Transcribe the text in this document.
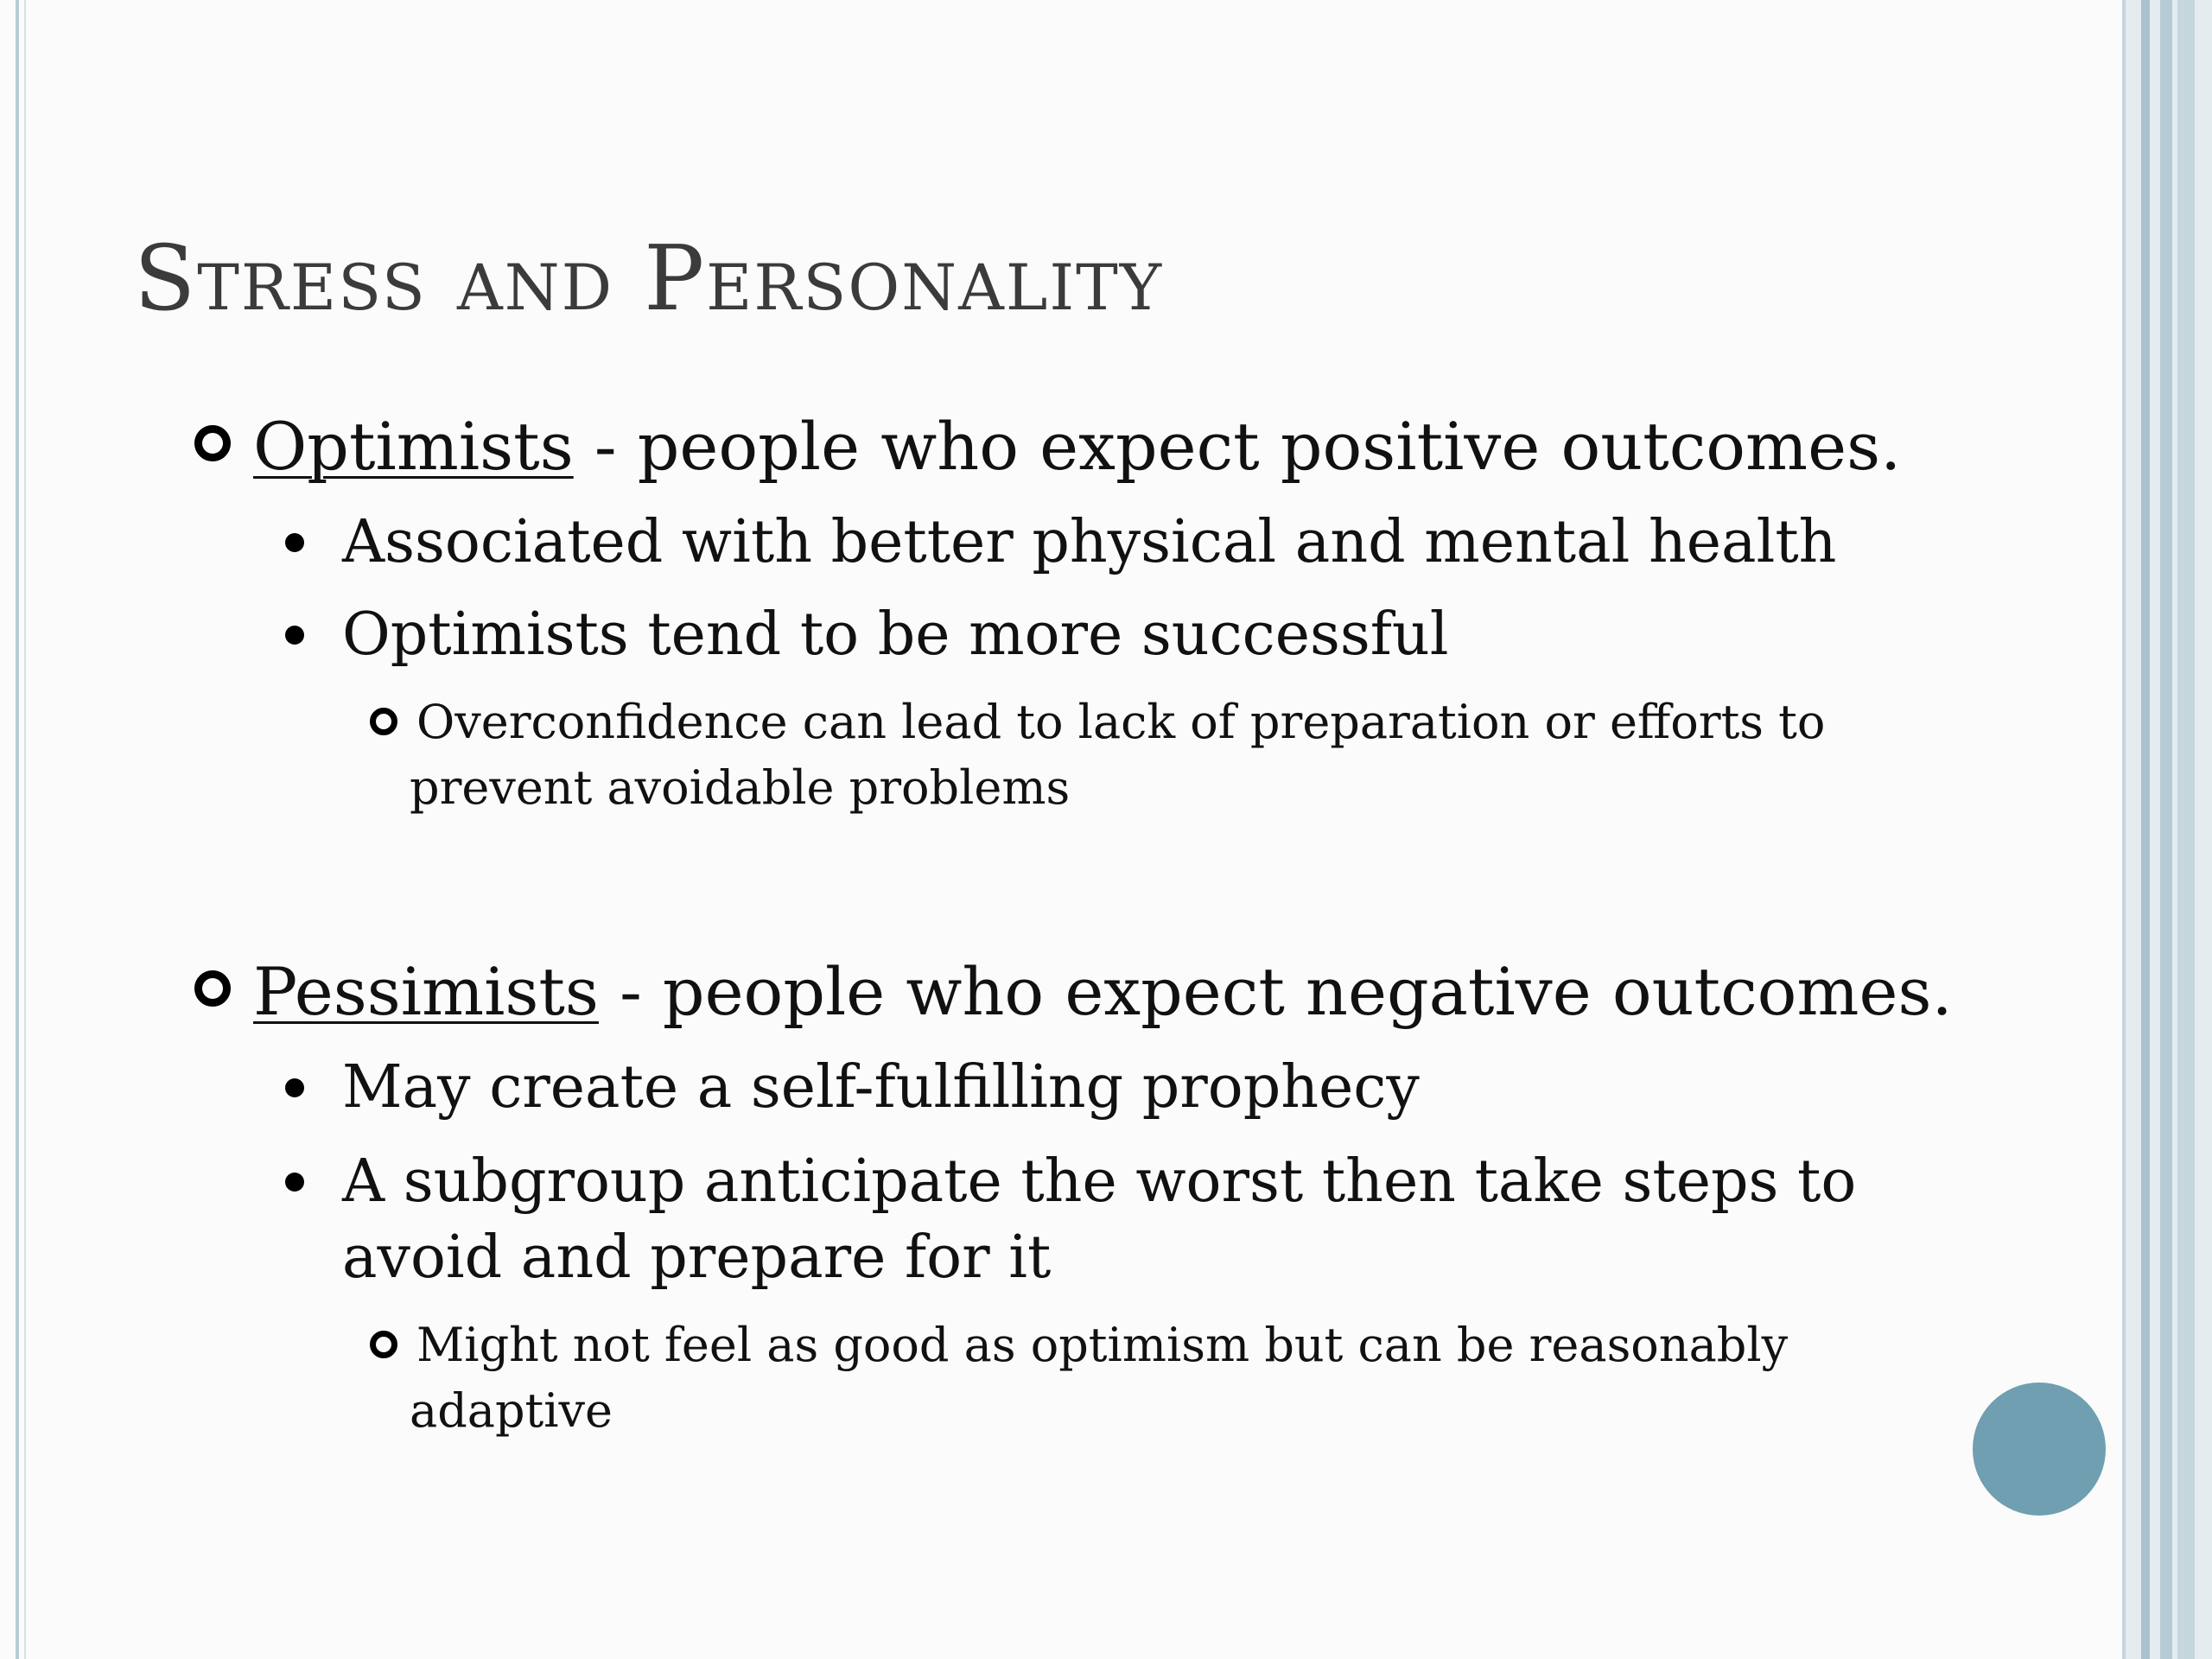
Stress and Personality
Optimists - people who expect positive outcomes.
Associated with better physical and mental health
Optimists tend to be more successful
Overconfidence can lead to lack of preparation or efforts to prevent avoidable problems
Pessimists - people who expect negative outcomes.
May create a self-fulfilling prophecy
A subgroup anticipate the worst then take steps to avoid and prepare for it
Might not feel as good as optimism but can be reasonably adaptive
